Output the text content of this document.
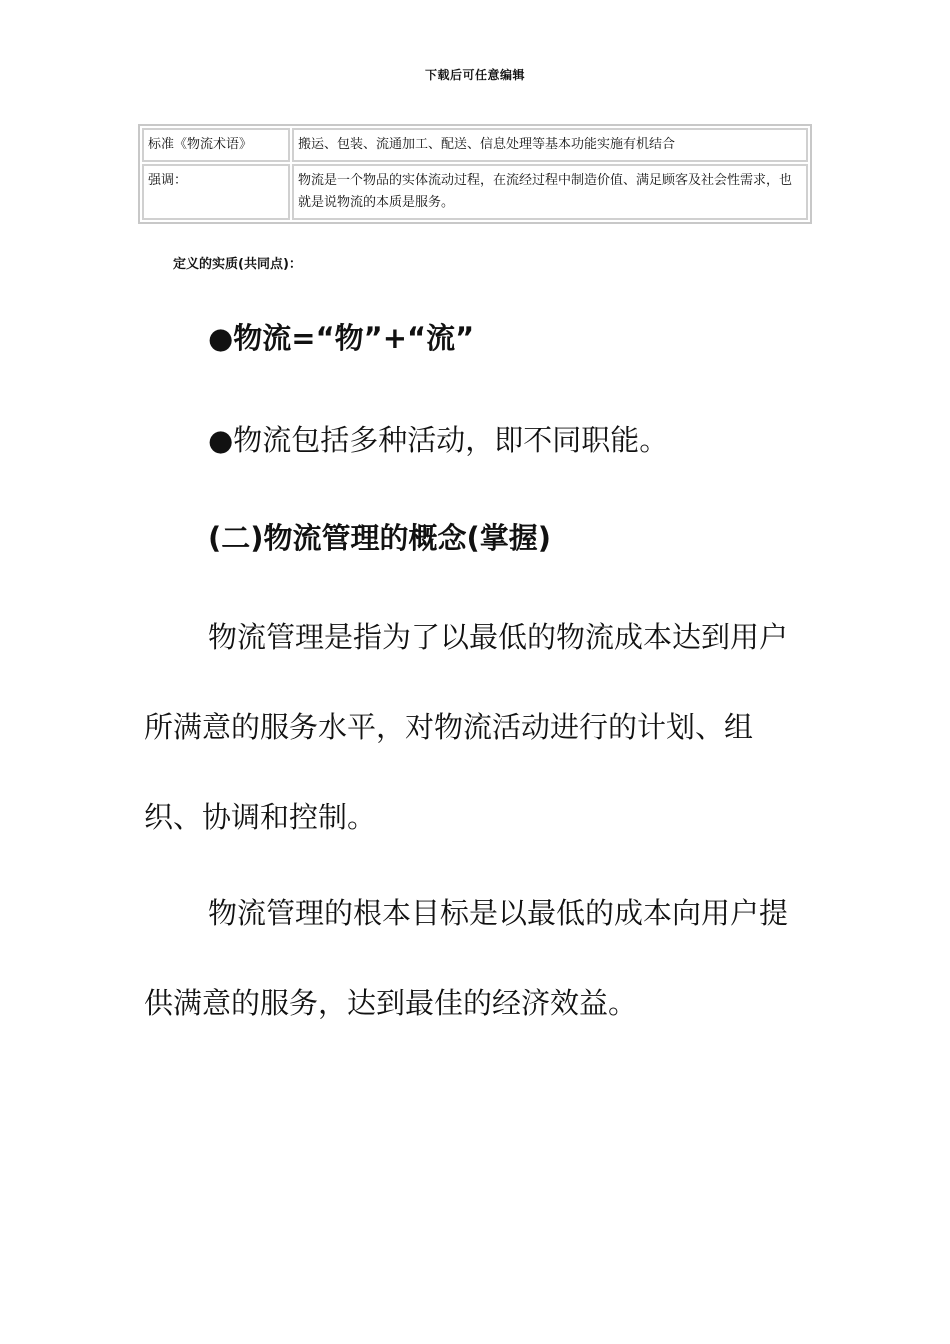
下载后可任意编辑
标准《物流术语》	搬运、包装、流通加工、配送、信息处理等基本功能实施有机结合
强调：	物流是一个物品的实体流动过程，在流经过程中制造价值、满足顾客及社会性需求，也就是说物流的本质是服务。
定义的实质(共同点)：
●物流=“物”+“流”
●物流包括多种活动，即不同职能。
(二)物流管理的概念(掌握)

物流管理是指为了以最低的物流成本达到用户所满意的服务水平，对物流活动进行的计划、组织、协调和控制。

物流管理的根本目标是以最低的成本向用户提供满意的服务，达到最佳的经济效益。
